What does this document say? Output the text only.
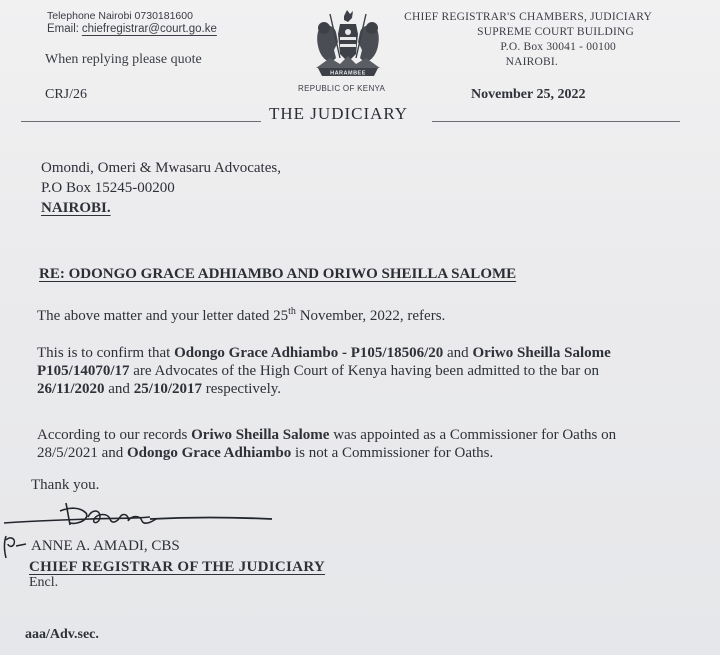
Telephone Nairobi 0730181600
Email: chiefregistrar@court.go.ke
When replying please quote
CRJ/26
HARAMBEE
REPUBLIC OF KENYA
CHIEF REGISTRAR'S CHAMBERS, JUDICIARY
SUPREME COURT BUILDING
P.O. Box 30041 - 00100
NAIROBI.
November 25, 2022
THE JUDICIARY
Omondi, Omeri & Mwasaru Advocates,
P.O Box 15245-00200
NAIROBI.
RE: ODONGO GRACE ADHIAMBO AND ORIWO SHEILLA SALOME
The above matter and your letter dated 25th November, 2022, refers.
This is to confirm that Odongo Grace Adhiambo - P105/18506/20 and Oriwo Sheilla Salome P105/14070/17 are Advocates of the High Court of Kenya having been admitted to the bar on 26/11/2020 and 25/10/2017 respectively.
According to our records Oriwo Sheilla Salome was appointed as a Commissioner for Oaths on 28/5/2021 and Odongo Grace Adhiambo is not a Commissioner for Oaths.
Thank you.
ANNE A. AMADI, CBS
CHIEF REGISTRAR OF THE JUDICIARY
Encl.
aaa/Adv.sec.
